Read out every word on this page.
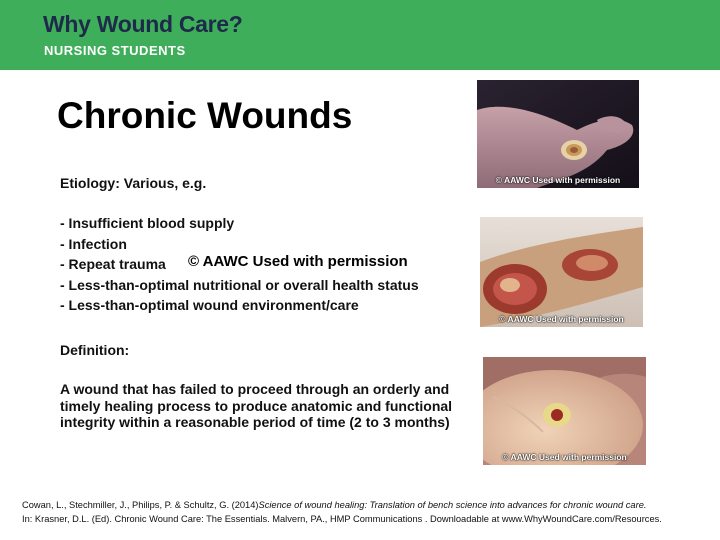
Why Wound Care?
NURSING STUDENTS
Chronic Wounds
Etiology: Various, e.g.
- Insufficient blood supply
- Infection
- Repeat trauma
- Less-than-optimal nutritional or overall health status
- Less-than-optimal wound environment/care
© AAWC Used with permission
Definition:
A wound that has failed to proceed through an orderly and timely healing process to produce anatomic and functional integrity within a reasonable period of time (2 to 3 months)
© AAWC Used with permission
© AAWC Used with permission
© AAWC Used with permission
Cowan, L., Stechmiller, J., Philips, P. & Schultz, G. (2014)Science of wound healing: Translation of bench science into advances for chronic wound care.
In: Krasner, D.L. (Ed). Chronic Wound Care: The Essentials. Malvern, PA., HMP Communications . Downloadable at www.WhyWoundCare.com/Resources.
